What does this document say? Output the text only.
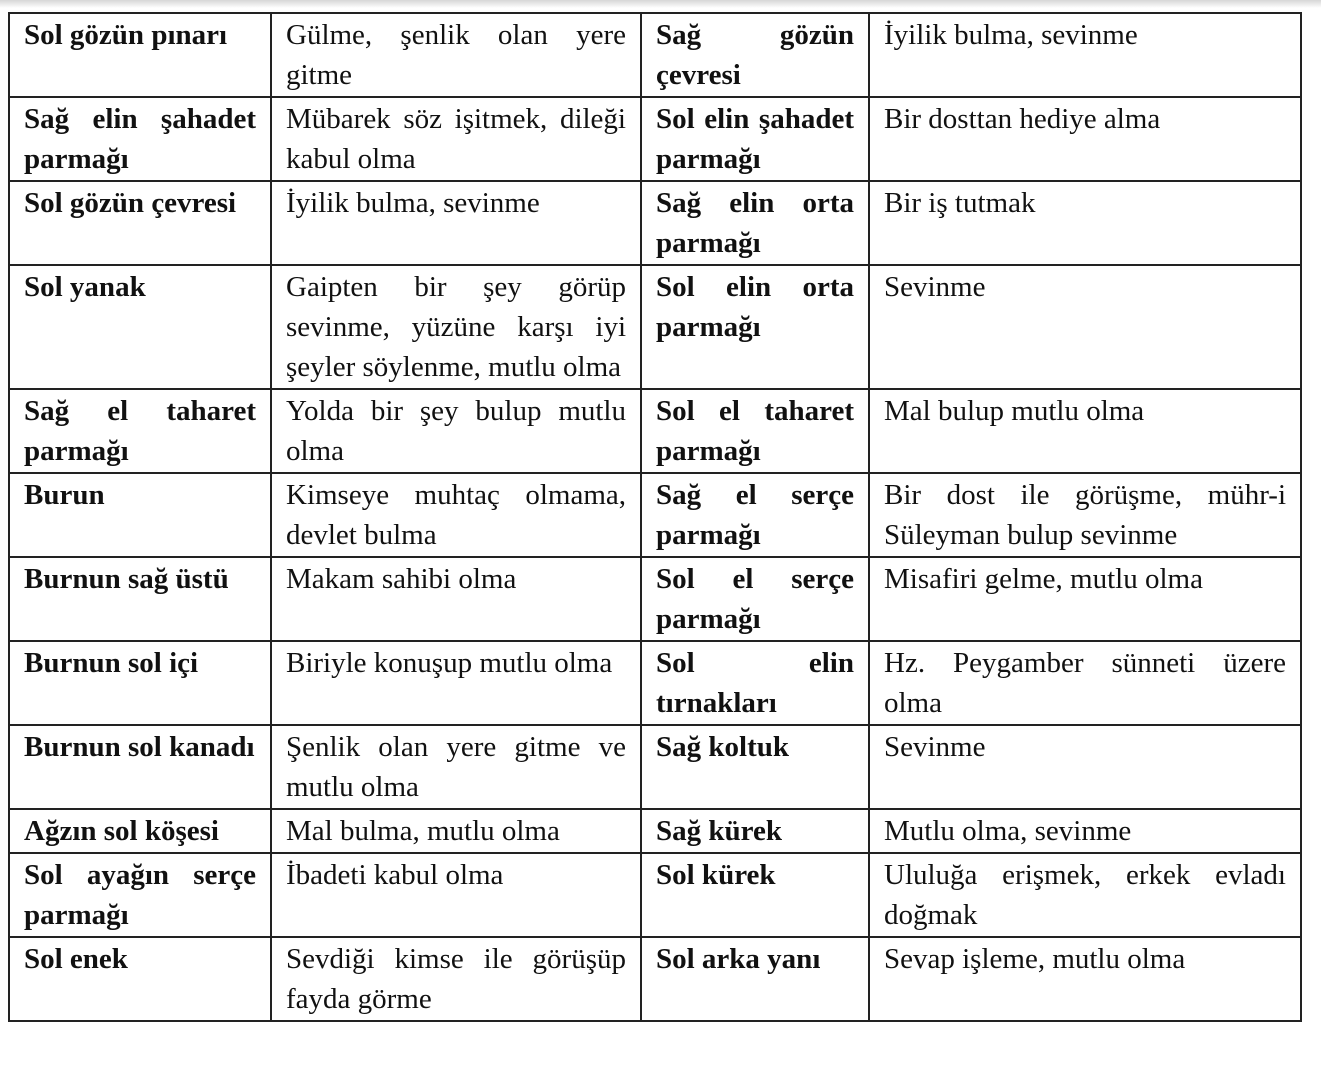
Sol gözün pınarı	Gülme, şenlik olan yere gitme	Sağ gözün çevresi	İyilik bulma, sevinme
Sağ elin şahadet parmağı	Mübarek söz işitmek, dileği kabul olma	Sol elin şahadet parmağı	Bir dosttan hediye alma
Sol gözün çevresi	İyilik bulma, sevinme	Sağ elin orta parmağı	Bir iş tutmak
Sol yanak	Gaipten bir şey görüp sevinme, yüzüne karşı iyi şeyler söylenme, mutlu olma	Sol elin orta parmağı	Sevinme
Sağ el taharet parmağı	Yolda bir şey bulup mutlu olma	Sol el taharet parmağı	Mal bulup mutlu olma
Burun	Kimseye muhtaç olmama, devlet bulma	Sağ el serçe parmağı	Bir dost ile görüşme, mühr-i Süleyman bulup sevinme
Burnun sağ üstü	Makam sahibi olma	Sol el serçe parmağı	Misafiri gelme, mutlu olma
Burnun sol içi	Biriyle konuşup mutlu olma	Sol elin tırnakları	Hz. Peygamber sünneti üzere olma
Burnun sol kanadı	Şenlik olan yere gitme ve mutlu olma	Sağ koltuk	Sevinme
Ağzın sol köşesi	Mal bulma, mutlu olma	Sağ kürek	Mutlu olma, sevinme
Sol ayağın serçe parmağı	İbadeti kabul olma	Sol kürek	Ululuğa erişmek, erkek evladı doğmak
Sol enek	Sevdiği kimse ile görüşüp fayda görme	Sol arka yanı	Sevap işleme, mutlu olma
